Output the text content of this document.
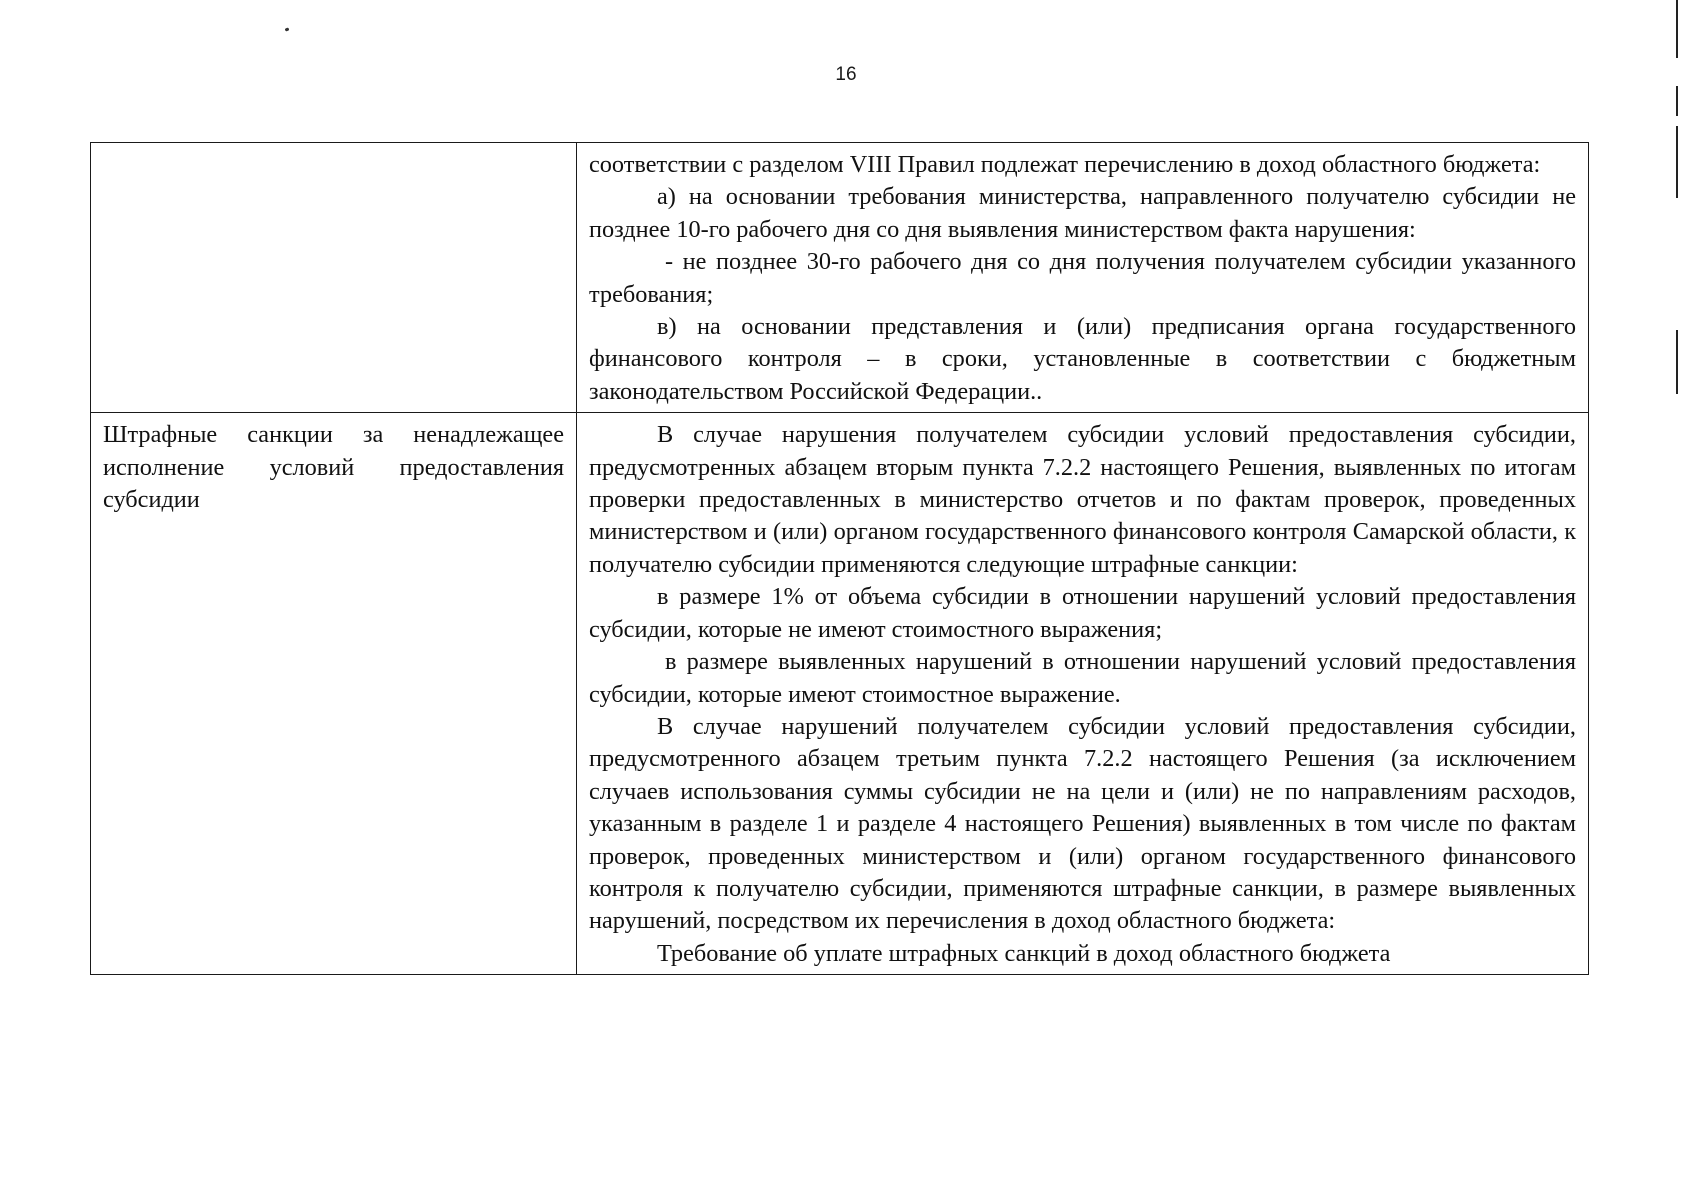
16

	соответствии с разделом VIII Правил подлежат перечислению в доход областного бюджета:

а) на основании требования министерства, направленного получателю субсидии не позднее 10-го рабочего дня со дня выявления министерством факта нарушения:

- не позднее 30-го рабочего дня со дня получения получателем субсидии указанного требования;

в) на основании представления и (или) предписания органа государственного финансового контроля – в сроки, установленные в соответствии с бюджетным законодательством Российской Федерации..

Штрафные санкции за ненадлежащее исполнение условий предоставления субсидии	В случае нарушения получателем субсидии условий предоставления субсидии, предусмотренных абзацем вторым пункта 7.2.2 настоящего Решения, выявленных по итогам проверки предоставленных в министерство отчетов и по фактам проверок, проведенных министерством и (или) органом государственного финансового контроля Самарской области, к получателю субсидии применяются следующие штрафные санкции:

в размере 1% от объема субсидии в отношении нарушений условий предоставления субсидии, которые не имеют стоимостного выражения;

в размере выявленных нарушений в отношении нарушений условий предоставления субсидии, которые имеют стоимостное выражение.

В случае нарушений получателем субсидии условий предоставления субсидии, предусмотренного абзацем третьим пункта 7.2.2 настоящего Решения (за исключением случаев использования суммы субсидии не на цели и (или) не по направлениям расходов, указанным в разделе 1 и разделе 4 настоящего Решения) выявленных в том числе по фактам проверок, проведенных министерством и (или) органом государственного финансового контроля к получателю субсидии, применяются штрафные санкции, в размере выявленных нарушений, посредством их перечисления в доход областного бюджета:

Требование об уплате штрафных санкций в доход областного бюджета
